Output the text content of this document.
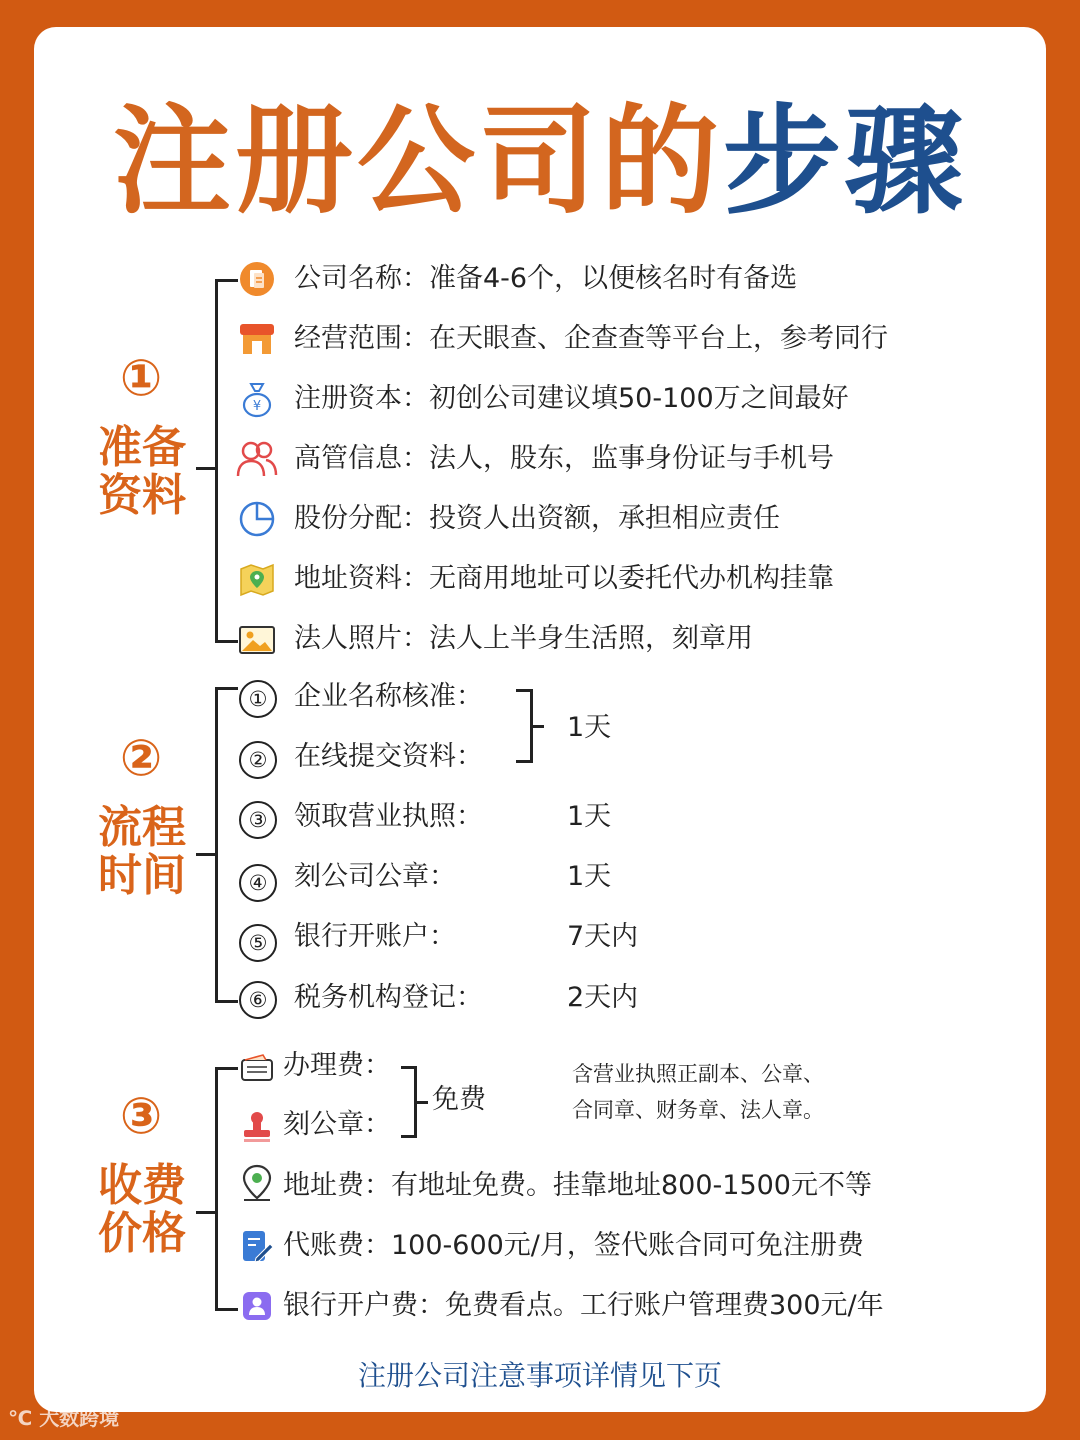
注册公司的步骤
①
准备
资料
公司名称：准备4-6个，以便核名时有备选
经营范围：在天眼查、企查查等平台上，参考同行
¥ 注册资本：初创公司建议填50-100万之间最好
高管信息：法人，股东，监事身份证与手机号
股份分配：投资人出资额，承担相应责任
地址资料：无商用地址可以委托代办机构挂靠
法人照片：法人上半身生活照，刻章用
②
流程
时间
① 企业名称核准：
② 在线提交资料：
1天
③ 领取营业执照：	1天
④ 刻公司公章：	1天
⑤ 银行开账户：	7天内
⑥ 税务机构登记：	2天内
③
收费
价格
办理费：
刻公章：
免费
含营业执照正副本、公章、
合同章、财务章、法人章。
地址费：有地址免费。挂靠地址800-1500元不等
代账费：100-600元/月，签代账合同可免注册费
银行开户费：免费看点。工行账户管理费300元/年
注册公司注意事项详情见下页
℃ 大数跨境
